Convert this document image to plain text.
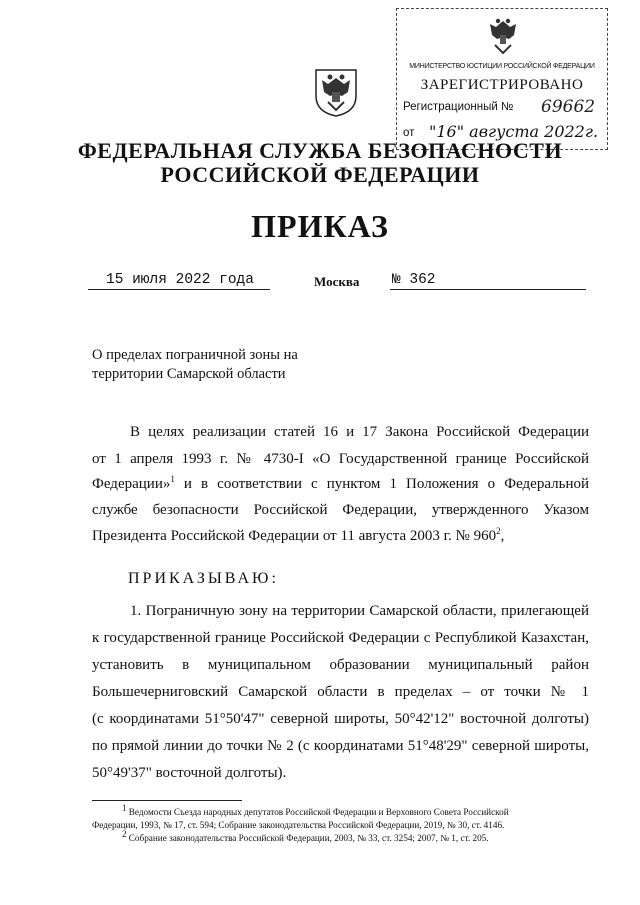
МИНИСТЕРСТВО ЮСТИЦИИ РОССИЙСКОЙ ФЕДЕРАЦИИ
ЗАРЕГИСТРИРОВАНО
Регистрационный № 69662
от "16" августа 2022г.
ФЕДЕРАЛЬНАЯ СЛУЖБА БЕЗОПАСНОСТИ
РОССИЙСКОЙ ФЕДЕРАЦИИ
ПРИКАЗ
15 июля 2022 года	Москва № 362
О пределах пограничной зоны на
территории Самарской области
В целях реализации статей 16 и 17 Закона Российской Федерации
от 1 апреля 1993 г. № 4730-I «О Государственной границе Российской
Федерации»$^1$ и в соответствии с пунктом 1 Положения о Федеральной
службе безопасности Российской Федерации, утвержденного Указом
Президента Российской Федерации от 11 августа 2003 г. № $960^2$,
ПРИКАЗЫВАЮ:
1. Пограничную зону на территории Самарской области, прилегающей
к государственной границе Российской Федерации с Республикой Казахстан,
установить в муниципальном образовании муниципальный район
Большечерниговский Самарской области в пределах – от точки № 1
(с координатами 51°50'47" северной широты, 50°42'12" восточной долготы)
по прямой линии до точки № 2 (с координатами 51°48'29" северной широты,
50°49'37" восточной долготы).
$^1$ Ведомости Съезда народных депутатов Российской Федерации и Верховного Совета Российской
Федерации, 1993, № 17, ст. 594; Собрание законодательства Российской Федерации, 2019, № 30, ст. 4146.
$^2$ Собрание законодательства Российской Федерации, 2003, № 33, ст. 3254; 2007, № 1, ст. 205.
